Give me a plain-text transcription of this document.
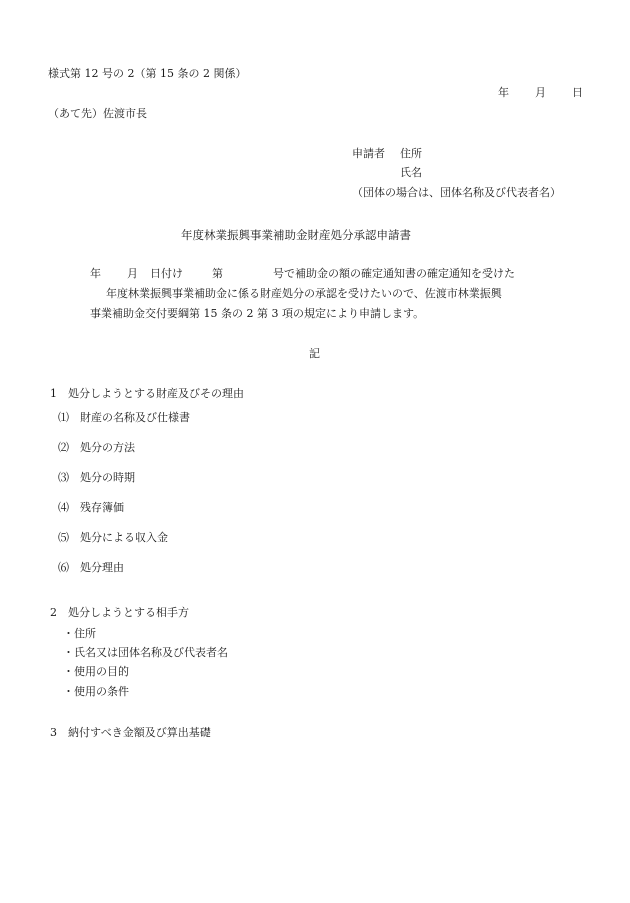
様式第 12 号の 2（第 15 条の 2 関係）
年 月 日
（あて先）佐渡市長
申請者 住所
氏名
（団体の場合は、団体名称及び代表者名）
年度林業振興事業補助金財産処分承認申請書
年 月 日付け	第	号で補助金の額の確定通知書の確定通知を受けた
年度林業振興事業補助金に係る財産処分の承認を受けたいので、佐渡市林業振興
事業補助金交付要綱第 15 条の 2 第 3 項の規定により申請します。
記
1　処分しようとする財産及びその理由
⑴　財産の名称及び仕様書
⑵　処分の方法
⑶　処分の時期
⑷　残存簿価
⑸　処分による収入金
⑹　処分理由
2　処分しようとする相手方
・住所
・氏名又は団体名称及び代表者名
・使用の目的
・使用の条件
3　納付すべき金額及び算出基礎
